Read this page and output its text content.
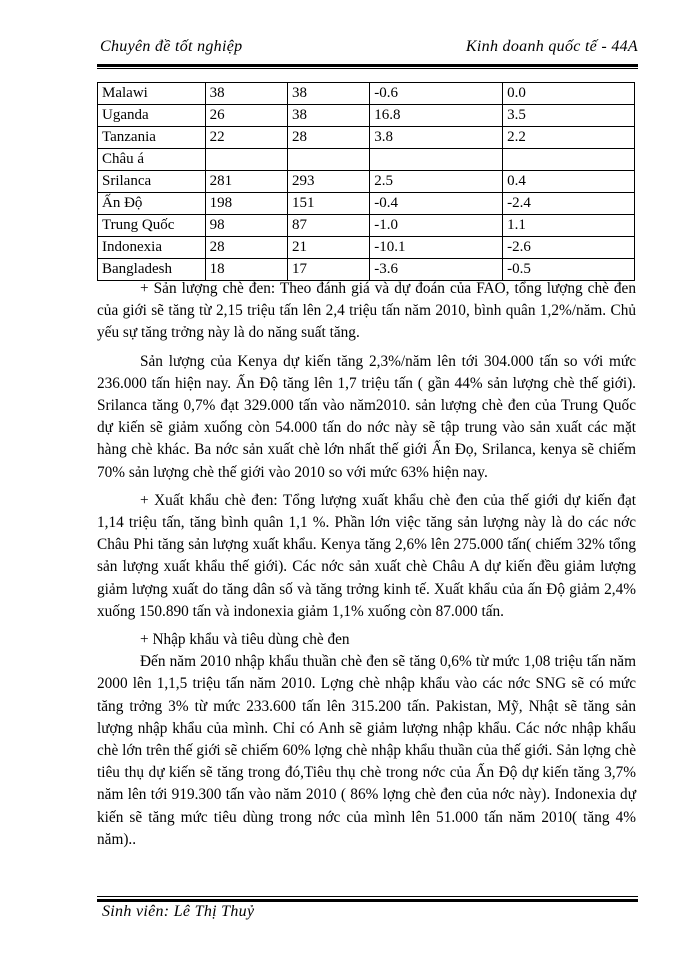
Chuyên đề tốt nghiệp	Kinh doanh quốc tế - 44A
Malawi	38	38	-0.6	0.0
Uganda	26	38	16.8	3.5
Tanzania	22	28	3.8	2.2
Châu á				
Srilanca	281	293	2.5	0.4
Ấn Độ	198	151	-0.4	-2.4
Trung Quốc	98	87	-1.0	1.1
Indonexia	28	21	-10.1	-2.6
Bangladesh	18	17	-3.6	-0.5

+ Sản lượng chè đen: Theo đánh giá và dự đoán của FAO, tổng lượng chè đen của giới sẽ tăng từ 2,15 triệu tấn lên 2,4 triệu tấn năm 2010, bình quân 1,2%/năm. Chủ yếu sự tăng trởng này là do năng suất tăng.

Sản lượng của Kenya dự kiến tăng 2,3%/năm lên tới 304.000 tấn so với mức 236.000 tấn hiện nay. Ấn Độ tăng lên 1,7 triệu tấn ( gần 44% sản lượng chè thế giới). Srilanca tăng 0,7% đạt 329.000 tấn vào năm2010. sản lượng chè đen của Trung Quốc dự kiến sẽ giảm xuống còn 54.000 tấn do nớc này sẽ tập trung vào sản xuất các mặt hàng chè khác. Ba nớc sản xuất chè lớn nhất thế giới Ấn Đọ, Srilanca, kenya sẽ chiếm 70% sản lượng chè thế giới vào 2010 so với mức 63% hiện nay.

+ Xuất khẩu chè đen: Tổng lượng xuất khẩu chè đen của thế giới dự kiến đạt 1,14 triệu tấn, tăng bình quân 1,1 %. Phần lớn việc tăng sản lượng này là do các nớc Châu Phi tăng sản lượng xuất khẩu. Kenya tăng 2,6% lên 275.000 tấn( chiếm 32% tổng sản lượng xuất khẩu thế giới). Các nớc sản xuất chè Châu A dự kiến đều giảm lượng giảm lượng xuất do tăng dân số và tăng trởng kinh tế. Xuất khẩu của ấn Độ giảm 2,4% xuống 150.890 tấn và indonexia giảm 1,1% xuống còn 87.000 tấn.

+ Nhập khẩu và tiêu dùng chè đen

Đến năm 2010 nhập khẩu thuần chè đen sẽ tăng 0,6% từ mức 1,08 triệu tấn năm 2000 lên 1,1,5 triệu tấn năm 2010. Lợng chè nhập khẩu vào các nớc SNG sẽ có mức tăng trởng 3% từ mức 233.600 tấn lên 315.200 tấn. Pakistan, Mỹ, Nhật sẽ tăng sản lượng nhập khẩu của mình. Chỉ có Anh sẽ giảm lượng nhập khẩu. Các nớc nhập khẩu chè lớn trên thế giới sẽ chiếm 60% lợng chè nhập khẩu thuần của thế giới. Sản lợng chè tiêu thụ dự kiến sẽ tăng trong đó,Tiêu thụ chè trong nớc của Ấn Độ dự kiến tăng 3,7% năm lên tới 919.300 tấn vào năm 2010 ( 86% lợng chè đen của nớc này). Indonexia dự kiến sẽ tăng mức tiêu dùng trong nớc của mình lên 51.000 tấn năm 2010( tăng 4% năm)..

Sinh viên: Lê Thị Thuỷ
